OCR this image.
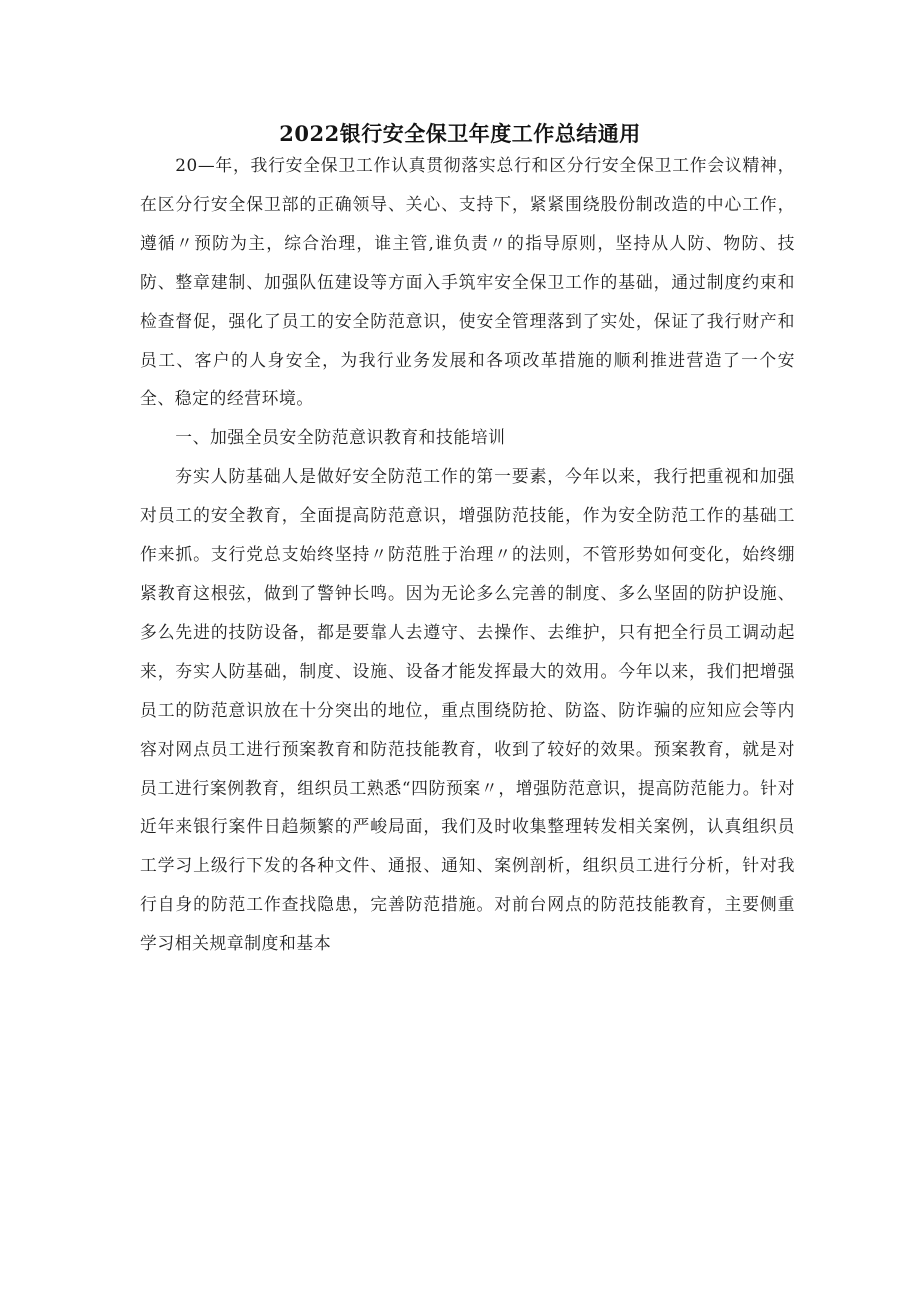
2022银行安全保卫年度工作总结通用

20—年，我行安全保卫工作认真贯彻落实总行和区分行安全保卫工作会议精神，在区分行安全保卫部的正确领导、关心、支持下，紧紧围绕股份制改造的中心工作，遵循〃预防为主，综合治理，谁主管,谁负责〃的指导原则，坚持从人防、物防、技防、整章建制、加强队伍建设等方面入手筑牢安全保卫工作的基础，通过制度约束和检查督促，强化了员工的安全防范意识，使安全管理落到了实处，保证了我行财产和员工、客户的人身安全，为我行业务发展和各项改革措施的顺利推进营造了一个安全、稳定的经营环境。

一、加强全员安全防范意识教育和技能培训

夯实人防基础人是做好安全防范工作的第一要素，今年以来，我行把重视和加强对员工的安全教育，全面提高防范意识，增强防范技能，作为安全防范工作的基础工作来抓。支行党总支始终坚持〃防范胜于治理〃的法则，不管形势如何变化，始终绷紧教育这根弦，做到了警钟长鸣。因为无论多么完善的制度、多么坚固的防护设施、多么先进的技防设备，都是要靠人去遵守、去操作、去维护，只有把全行员工调动起来，夯实人防基础，制度、设施、设备才能发挥最大的效用。今年以来，我们把增强员工的防范意识放在十分突出的地位，重点围绕防抢、防盗、防诈骗的应知应会等内容对网点员工进行预案教育和防范技能教育，收到了较好的效果。预案教育，就是对员工进行案例教育，组织员工熟悉“四防预案〃，增强防范意识，提高防范能力。针对近年来银行案件日趋频繁的严峻局面，我们及时收集整理转发相关案例，认真组织员工学习上级行下发的各种文件、通报、通知、案例剖析，组织员工进行分析，针对我行自身的防范工作查找隐患，完善防范措施。对前台网点的防范技能教育，主要侧重学习相关规章制度和基本
